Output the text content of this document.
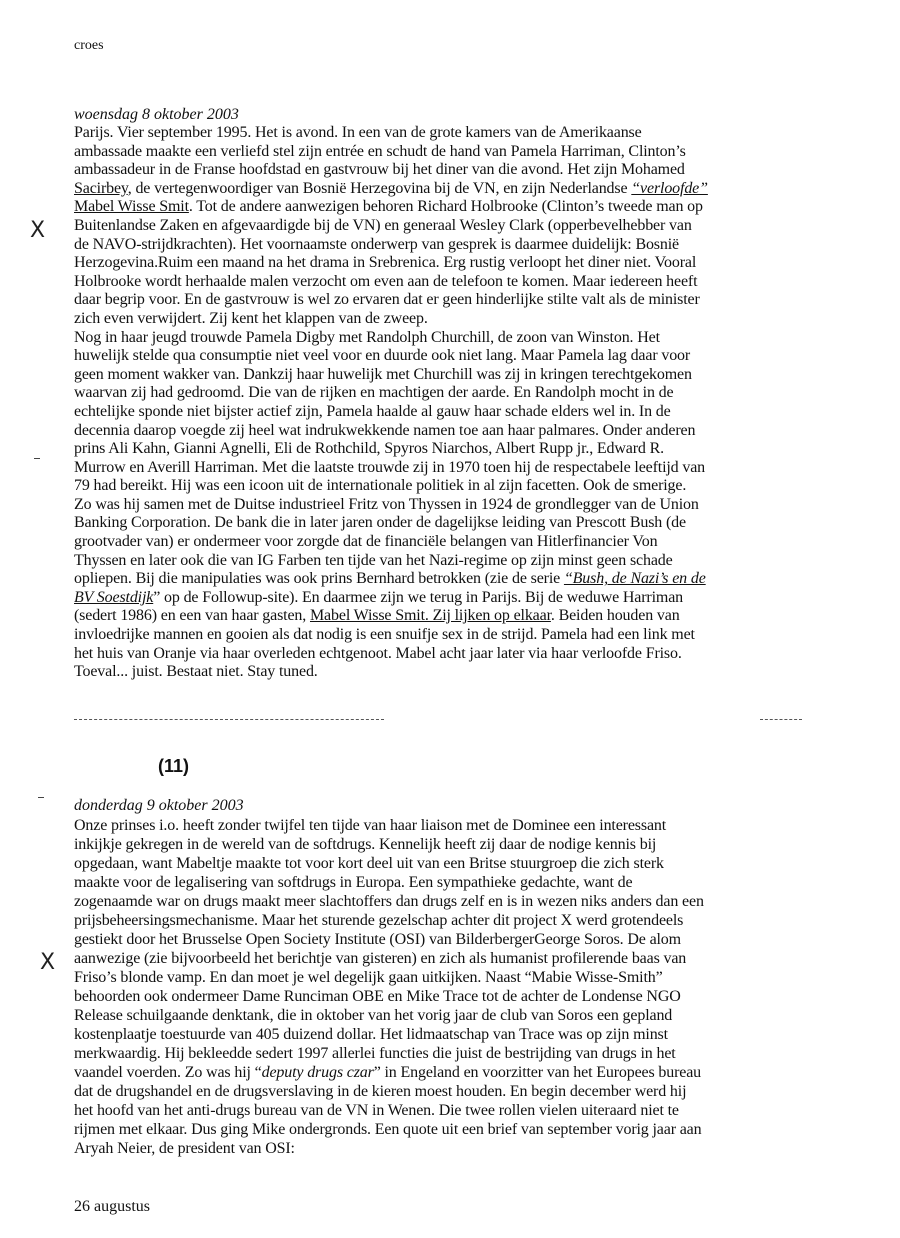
croes
woensdag 8 oktober 2003
Parijs. Vier september 1995. Het is avond. In een van de grote kamers van de Amerikaanse
ambassade maakte een verliefd stel zijn entrée en schudt de hand van Pamela Harriman, Clinton’s
ambassadeur in de Franse hoofdstad en gastvrouw bij het diner van die avond. Het zijn Mohamed
Sacirbey, de vertegenwoordiger van Bosnië Herzegovina bij de VN, en zijn Nederlandse “verloofde”
Mabel Wisse Smit. Tot de andere aanwezigen behoren Richard Holbrooke (Clinton’s tweede man op
Buitenlandse Zaken en afgevaardigde bij de VN) en generaal Wesley Clark (opperbevelhebber van
de NAVO-strijdkrachten). Het voornaamste onderwerp van gesprek is daarmee duidelijk: Bosnië
Herzogevina.Ruim een maand na het drama in Srebrenica. Erg rustig verloopt het diner niet. Vooral
Holbrooke wordt herhaalde malen verzocht om even aan de telefoon te komen. Maar iedereen heeft
daar begrip voor. En de gastvrouw is wel zo ervaren dat er geen hinderlijke stilte valt als de minister
zich even verwijdert. Zij kent het klappen van de zweep.
Nog in haar jeugd trouwde Pamela Digby met Randolph Churchill, de zoon van Winston. Het
huwelijk stelde qua consumptie niet veel voor en duurde ook niet lang. Maar Pamela lag daar voor
geen moment wakker van. Dankzij haar huwelijk met Churchill was zij in kringen terechtgekomen
waarvan zij had gedroomd. Die van de rijken en machtigen der aarde. En Randolph mocht in de
echtelijke sponde niet bijster actief zijn, Pamela haalde al gauw haar schade elders wel in. In de
decennia daarop voegde zij heel wat indrukwekkende namen toe aan haar palmares. Onder anderen
prins Ali Kahn, Gianni Agnelli, Eli de Rothchild, Spyros Niarchos, Albert Rupp jr., Edward R.
Murrow en Averill Harriman. Met die laatste trouwde zij in 1970 toen hij de respectabele leeftijd van
79 had bereikt. Hij was een icoon uit de internationale politiek in al zijn facetten. Ook de smerige.
Zo was hij samen met de Duitse industrieel Fritz von Thyssen in 1924 de grondlegger van de Union
Banking Corporation. De bank die in later jaren onder de dagelijkse leiding van Prescott Bush (de
grootvader van) er ondermeer voor zorgde dat de financiële belangen van Hitlerfinancier Von
Thyssen en later ook die van IG Farben ten tijde van het Nazi-regime op zijn minst geen schade
opliepen. Bij die manipulaties was ook prins Bernhard betrokken (zie de serie “Bush, de Nazi’s en de
BV Soestdijk” op de Followup-site). En daarmee zijn we terug in Parijs. Bij de weduwe Harriman
(sedert 1986) en een van haar gasten, Mabel Wisse Smit. Zij lijken op elkaar. Beiden houden van
invloedrijke mannen en gooien als dat nodig is een snuifje sex in de strijd. Pamela had een link met
het huis van Oranje via haar overleden echtgenoot. Mabel acht jaar later via haar verloofde Friso.
Toeval... juist. Bestaat niet. Stay tuned.
(11)
donderdag 9 oktober 2003
Onze prinses i.o. heeft zonder twijfel ten tijde van haar liaison met de Dominee een interessant
inkijkje gekregen in de wereld van de softdrugs. Kennelijk heeft zij daar de nodige kennis bij
opgedaan, want Mabeltje maakte tot voor kort deel uit van een Britse stuurgroep die zich sterk
maakte voor de legalisering van softdrugs in Europa. Een sympathieke gedachte, want de
zogenaamde war on drugs maakt meer slachtoffers dan drugs zelf en is in wezen niks anders dan een
prijsbeheersingsmechanisme. Maar het sturende gezelschap achter dit project X werd grotendeels
gestiekt door het Brusselse Open Society Institute (OSI) van BilderbergerGeorge Soros. De alom
aanwezige (zie bijvoorbeeld het berichtje van gisteren) en zich als humanist profilerende baas van
Friso’s blonde vamp. En dan moet je wel degelijk gaan uitkijken. Naast “Mabie Wisse-Smith”
behoorden ook ondermeer Dame Runciman OBE en Mike Trace tot de achter de Londense NGO
Release schuilgaande denktank, die in oktober van het vorig jaar de club van Soros een gepland
kostenplaatje toestuurde van 405 duizend dollar. Het lidmaatschap van Trace was op zijn minst
merkwaardig. Hij bekleedde sedert 1997 allerlei functies die juist de bestrijding van drugs in het
vaandel voerden. Zo was hij “deputy drugs czar” in Engeland en voorzitter van het Europees bureau
dat de drugshandel en de drugsverslaving in de kieren moest houden. En begin december werd hij
het hoofd van het anti-drugs bureau van de VN in Wenen. Die twee rollen vielen uiteraard niet te
rijmen met elkaar. Dus ging Mike ondergronds. Een quote uit een brief van september vorig jaar aan
Aryah Neier, de president van OSI:
26 augustus
X
X
